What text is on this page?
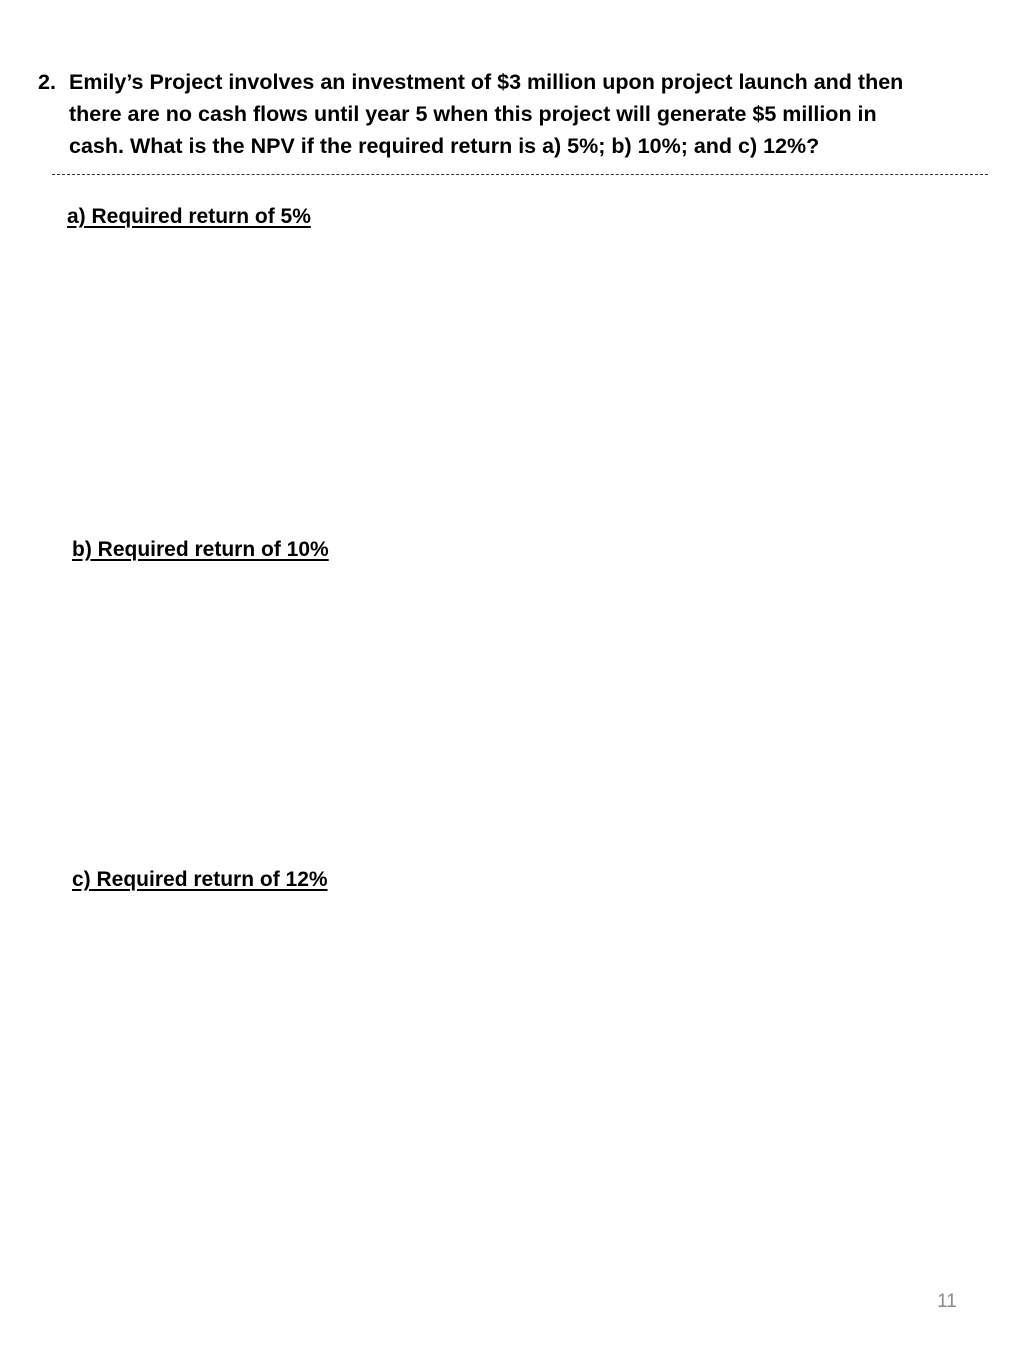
2. Emily’s Project involves an investment of $3 million upon project launch and then
there are no cash flows until year 5 when this project will generate $5 million in
cash. What is the NPV if the required return is a) 5%; b) 10%; and c) 12%?
a) Required return of 5%
b) Required return of 10%
c) Required return of 12%
11
